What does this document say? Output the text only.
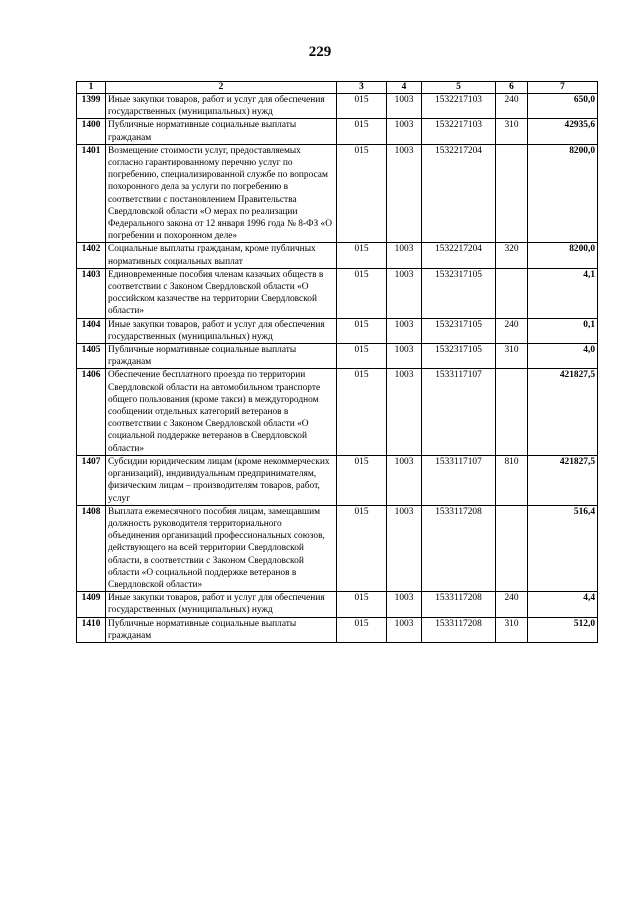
229
1	2	3	4	5	6	7
1399	Иные закупки товаров, работ и услуг для обеспечения государственных (муниципальных) нужд	015	1003	1532217103	240	650,0
1400	Публичные нормативные социальные выплаты гражданам	015	1003	1532217103	310	42935,6
1401	Возмещение стоимости услуг, предоставляемых согласно гарантированному перечню услуг по погребению, специализированной службе по вопросам похоронного дела за услуги по погребению в соответствии с постановлением Правительства Свердловской области «О мерах по реализации Федерального закона от 12 января 1996 года № 8-ФЗ «О погребении и похоронном деле»	015	1003	1532217204		8200,0
1402	Социальные выплаты гражданам, кроме публичных нормативных социальных выплат	015	1003	1532217204	320	8200,0
1403	Единовременные пособия членам казачьих обществ в соответствии с Законом Свердловской области «О российском казачестве на территории Свердловской области»	015	1003	1532317105		4,1
1404	Иные закупки товаров, работ и услуг для обеспечения государственных (муниципальных) нужд	015	1003	1532317105	240	0,1
1405	Публичные нормативные социальные выплаты гражданам	015	1003	1532317105	310	4,0
1406	Обеспечение бесплатного проезда по территории Свердловской области на автомобильном транспорте общего пользования (кроме такси) в междугородном сообщении отдельных категорий ветеранов в соответствии с Законом Свердловской области «О социальной поддержке ветеранов в Свердловской области»	015	1003	1533117107		421827,5
1407	Субсидии юридическим лицам (кроме некоммерческих организаций), индивидуальным предпринимателям, физическим лицам – производителям товаров, работ, услуг	015	1003	1533117107	810	421827,5
1408	Выплата ежемесячного пособия лицам, замещавшим должность руководителя территориального объединения организаций профессиональных союзов, действующего на всей территории Свердловской области, в соответствии с Законом Свердловской области «О социальной поддержке ветеранов в Свердловской области»	015	1003	1533117208		516,4
1409	Иные закупки товаров, работ и услуг для обеспечения государственных (муниципальных) нужд	015	1003	1533117208	240	4,4
1410	Публичные нормативные социальные выплаты гражданам	015	1003	1533117208	310	512,0
